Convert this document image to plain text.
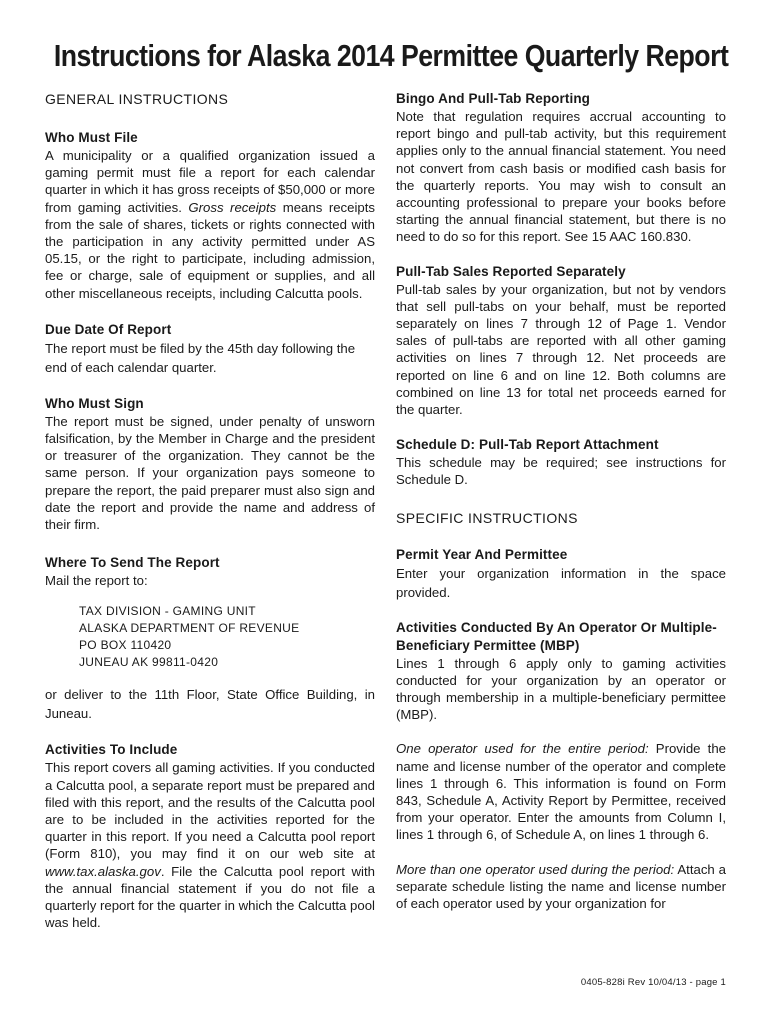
Instructions for Alaska 2014 Permittee Quarterly Report

GENERAL INSTRUCTIONS

Who Must File

A municipality or a qualified organization issued a gaming permit must file a report for each calendar quarter in which it has gross receipts of $50,000 or more from gaming activities. Gross receipts means receipts from the sale of shares, tickets or rights connected with the participation in any activity permitted under AS 05.15, or the right to participate, including admission, fee or charge, sale of equipment or supplies, and all other miscellaneous receipts, including Calcutta pools.

Due Date Of Report

The report must be filed by the 45th day following the end of each calendar quarter.

Who Must Sign

The report must be signed, under penalty of unsworn falsification, by the Member in Charge and the president or treasurer of the organization. They cannot be the same person. If your organization pays someone to prepare the report, the paid preparer must also sign and date the report and provide the name and address of their firm.

Where To Send The Report

Mail the report to:

TAX DIVISION - GAMING UNIT
ALASKA DEPARTMENT OF REVENUE
PO BOX 110420
JUNEAU AK 99811-0420

or deliver to the 11th Floor, State Office Building, in Juneau.

Activities To Include

This report covers all gaming activities. If you conducted a Calcutta pool, a separate report must be prepared and filed with this report, and the results of the Calcutta pool are to be included in the activities reported for the quarter in this report. If you need a Calcutta pool report (Form 810), you may find it on our web site at www.tax.alaska.gov. File the Calcutta pool report with the annual financial statement if you do not file a quarterly report for the quarter in which the Calcutta pool was held.

Bingo And Pull-Tab Reporting

Note that regulation requires accrual accounting to report bingo and pull-tab activity, but this requirement applies only to the annual financial statement. You need not convert from cash basis or modified cash basis for the quarterly reports. You may wish to consult an accounting professional to prepare your books before starting the annual financial statement, but there is no need to do so for this report. See 15 AAC 160.830.

Pull-Tab Sales Reported Separately

Pull-tab sales by your organization, but not by vendors that sell pull-tabs on your behalf, must be reported separately on lines 7 through 12 of Page 1. Vendor sales of pull-tabs are reported with all other gaming activities on lines 7 through 12. Net proceeds are reported on line 6 and on line 12. Both columns are combined on line 13 for total net proceeds earned for the quarter.

Schedule D: Pull-Tab Report Attachment

This schedule may be required; see instructions for Schedule D.

SPECIFIC INSTRUCTIONS

Permit Year And Permittee

Enter your organization information in the space provided.

Activities Conducted By An Operator Or Multiple-Beneficiary Permittee (MBP)

Lines 1 through 6 apply only to gaming activities conducted for your organization by an operator or through membership in a multiple-beneficiary permittee (MBP).

One operator used for the entire period: Provide the name and license number of the operator and complete lines 1 through 6. This information is found on Form 843, Schedule A, Activity Report by Permittee, received from your operator. Enter the amounts from Column I, lines 1 through 6, of Schedule A, on lines 1 through 6.

More than one operator used during the period: Attach a separate schedule listing the name and license number of each operator used by your organization for

0405-828i Rev 10/04/13 - page 1
